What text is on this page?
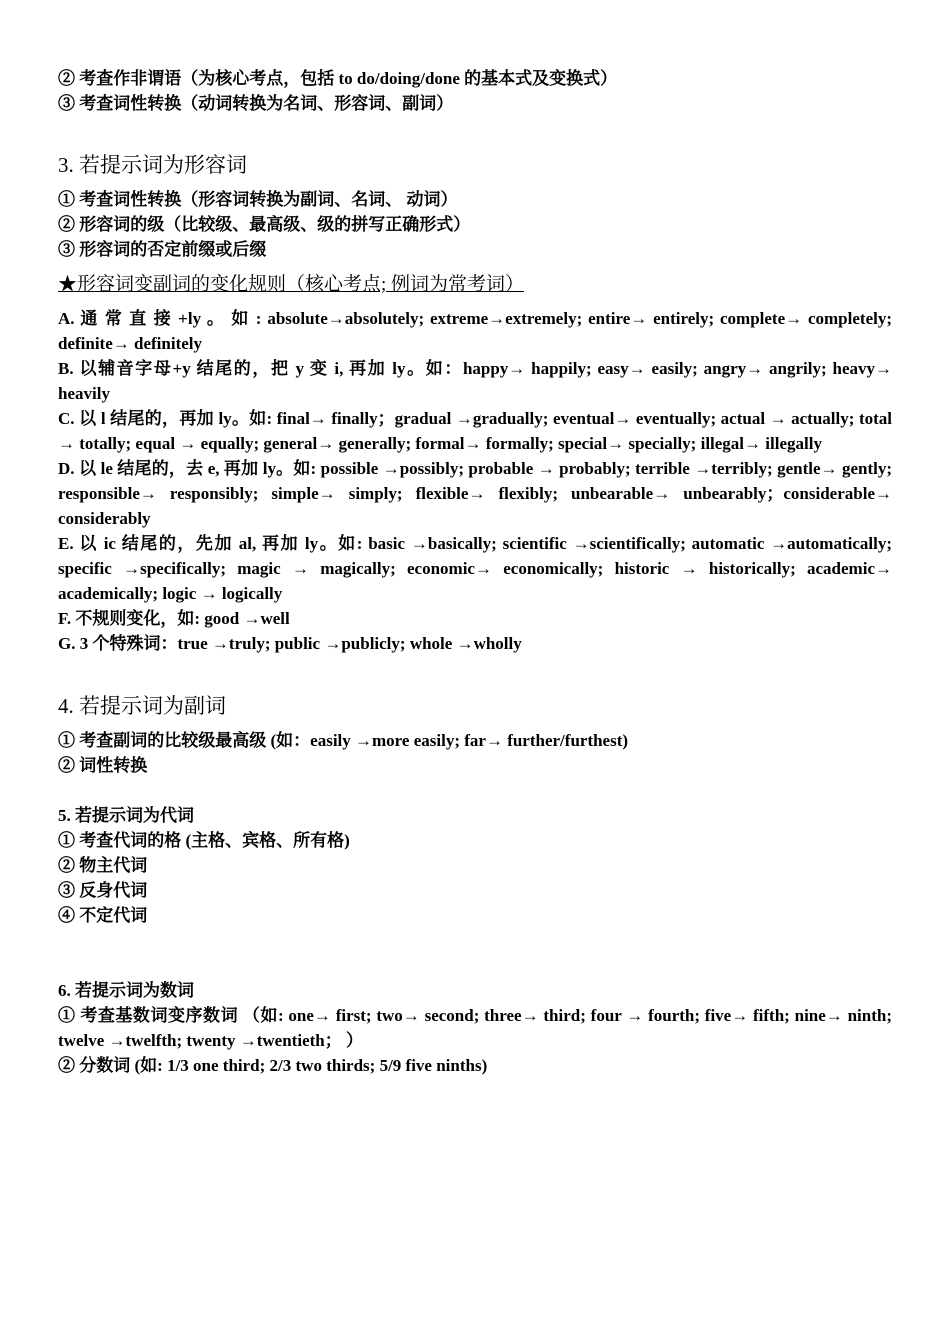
② 考查作非谓语（为核心考点，包括 to do/doing/done 的基本式及变换式）
③ 考查词性转换（动词转换为名词、形容词、副词）
3. 若提示词为形容词
① 考查词性转换（形容词转换为副词、名词、 动词）
② 形容词的级（比较级、最高级、级的拼写正确形式）
③ 形容词的否定前缀或后缀
★形容词变副词的变化规则（核心考点; 例词为常考词）
A. 通 常 直 接 +ly 。 如 : absolute→absolutely; extreme→extremely; entire→ entirely; complete→ completely; definite→ definitely
B. 以辅音字母+y 结尾的，把 y 变 i, 再加 ly。如：happy→ happily; easy→ easily; angry→ angrily; heavy→ heavily
C. 以 l 结尾的，再加 ly。如: final→ finally；gradual →gradually; eventual→ eventually; actual → actually; total → totally; equal → equally; general→ generally; formal→ formally; special→ specially; illegal→ illegally
D. 以 le 结尾的，去 e, 再加 ly。如: possible →possibly; probable → probably; terrible →terribly; gentle→ gently; responsible→ responsibly; simple→ simply; flexible→ flexibly; unbearable→ unbearably；considerable→ considerably
E. 以 ic 结尾的，先加 al, 再加 ly。如: basic →basically; scientific →scientifically; automatic →automatically; specific →specifically; magic → magically; economic→ economically; historic → historically; academic→ academically; logic → logically
F. 不规则变化，如: good →well
G. 3 个特殊词：true →truly; public →publicly; whole →wholly
4. 若提示词为副词
① 考查副词的比较级最高级 (如：easily →more easily; far→ further/furthest)
② 词性转换
5. 若提示词为代词
① 考查代词的格 (主格、宾格、所有格)
② 物主代词
③ 反身代词
④ 不定代词
6. 若提示词为数词
① 考查基数词变序数词 （如: one→ first; two→ second; three→ third; four → fourth; five→ fifth; nine→ ninth; twelve →twelfth; twenty →twentieth； ）
② 分数词 (如: 1/3 one third; 2/3 two thirds; 5/9 five ninths)
